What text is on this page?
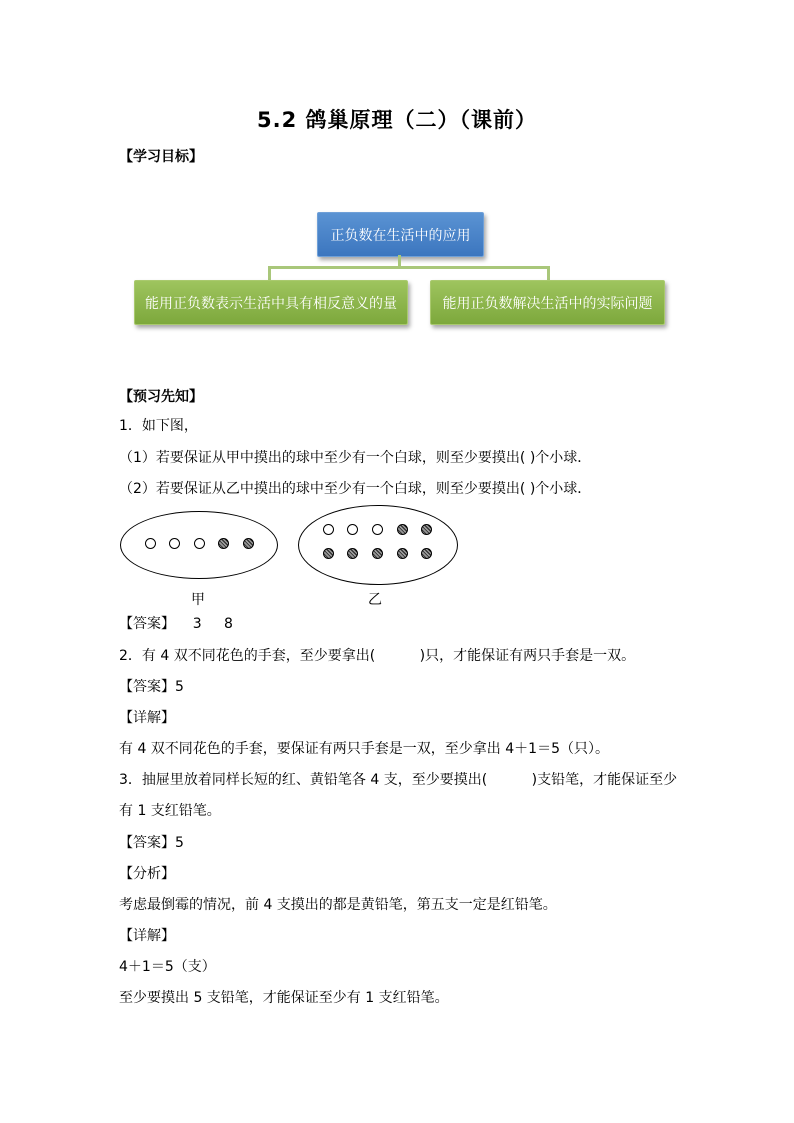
5.2 鸽巢原理（二）（课前）
【学习目标】
正负数在生活中的应用
能用正负数表示生活中具有相反意义的量	能用正负数解决生活中的实际问题
【预习先知】
1．如下图，
（1）若要保证从甲中摸出的球中至少有一个白球，则至少要摸出( )个小球．
（2）若要保证从乙中摸出的球中至少有一个白球，则至少要摸出( )个小球．
甲	乙
【答案】    3     8
2．有 4 双不同花色的手套，至少要拿出(          )只，才能保证有两只手套是一双。
【答案】5
【详解】
有 4 双不同花色的手套，要保证有两只手套是一双，至少拿出 4＋1＝5（只）。
3．抽屉里放着同样长短的红、黄铅笔各 4 支，至少要摸出(          )支铅笔，才能保证至少
有 1 支红铅笔。
【答案】5
【分析】
考虑最倒霉的情况，前 4 支摸出的都是黄铅笔，第五支一定是红铅笔。
【详解】
4＋1＝5（支）
至少要摸出 5 支铅笔，才能保证至少有 1 支红铅笔。
